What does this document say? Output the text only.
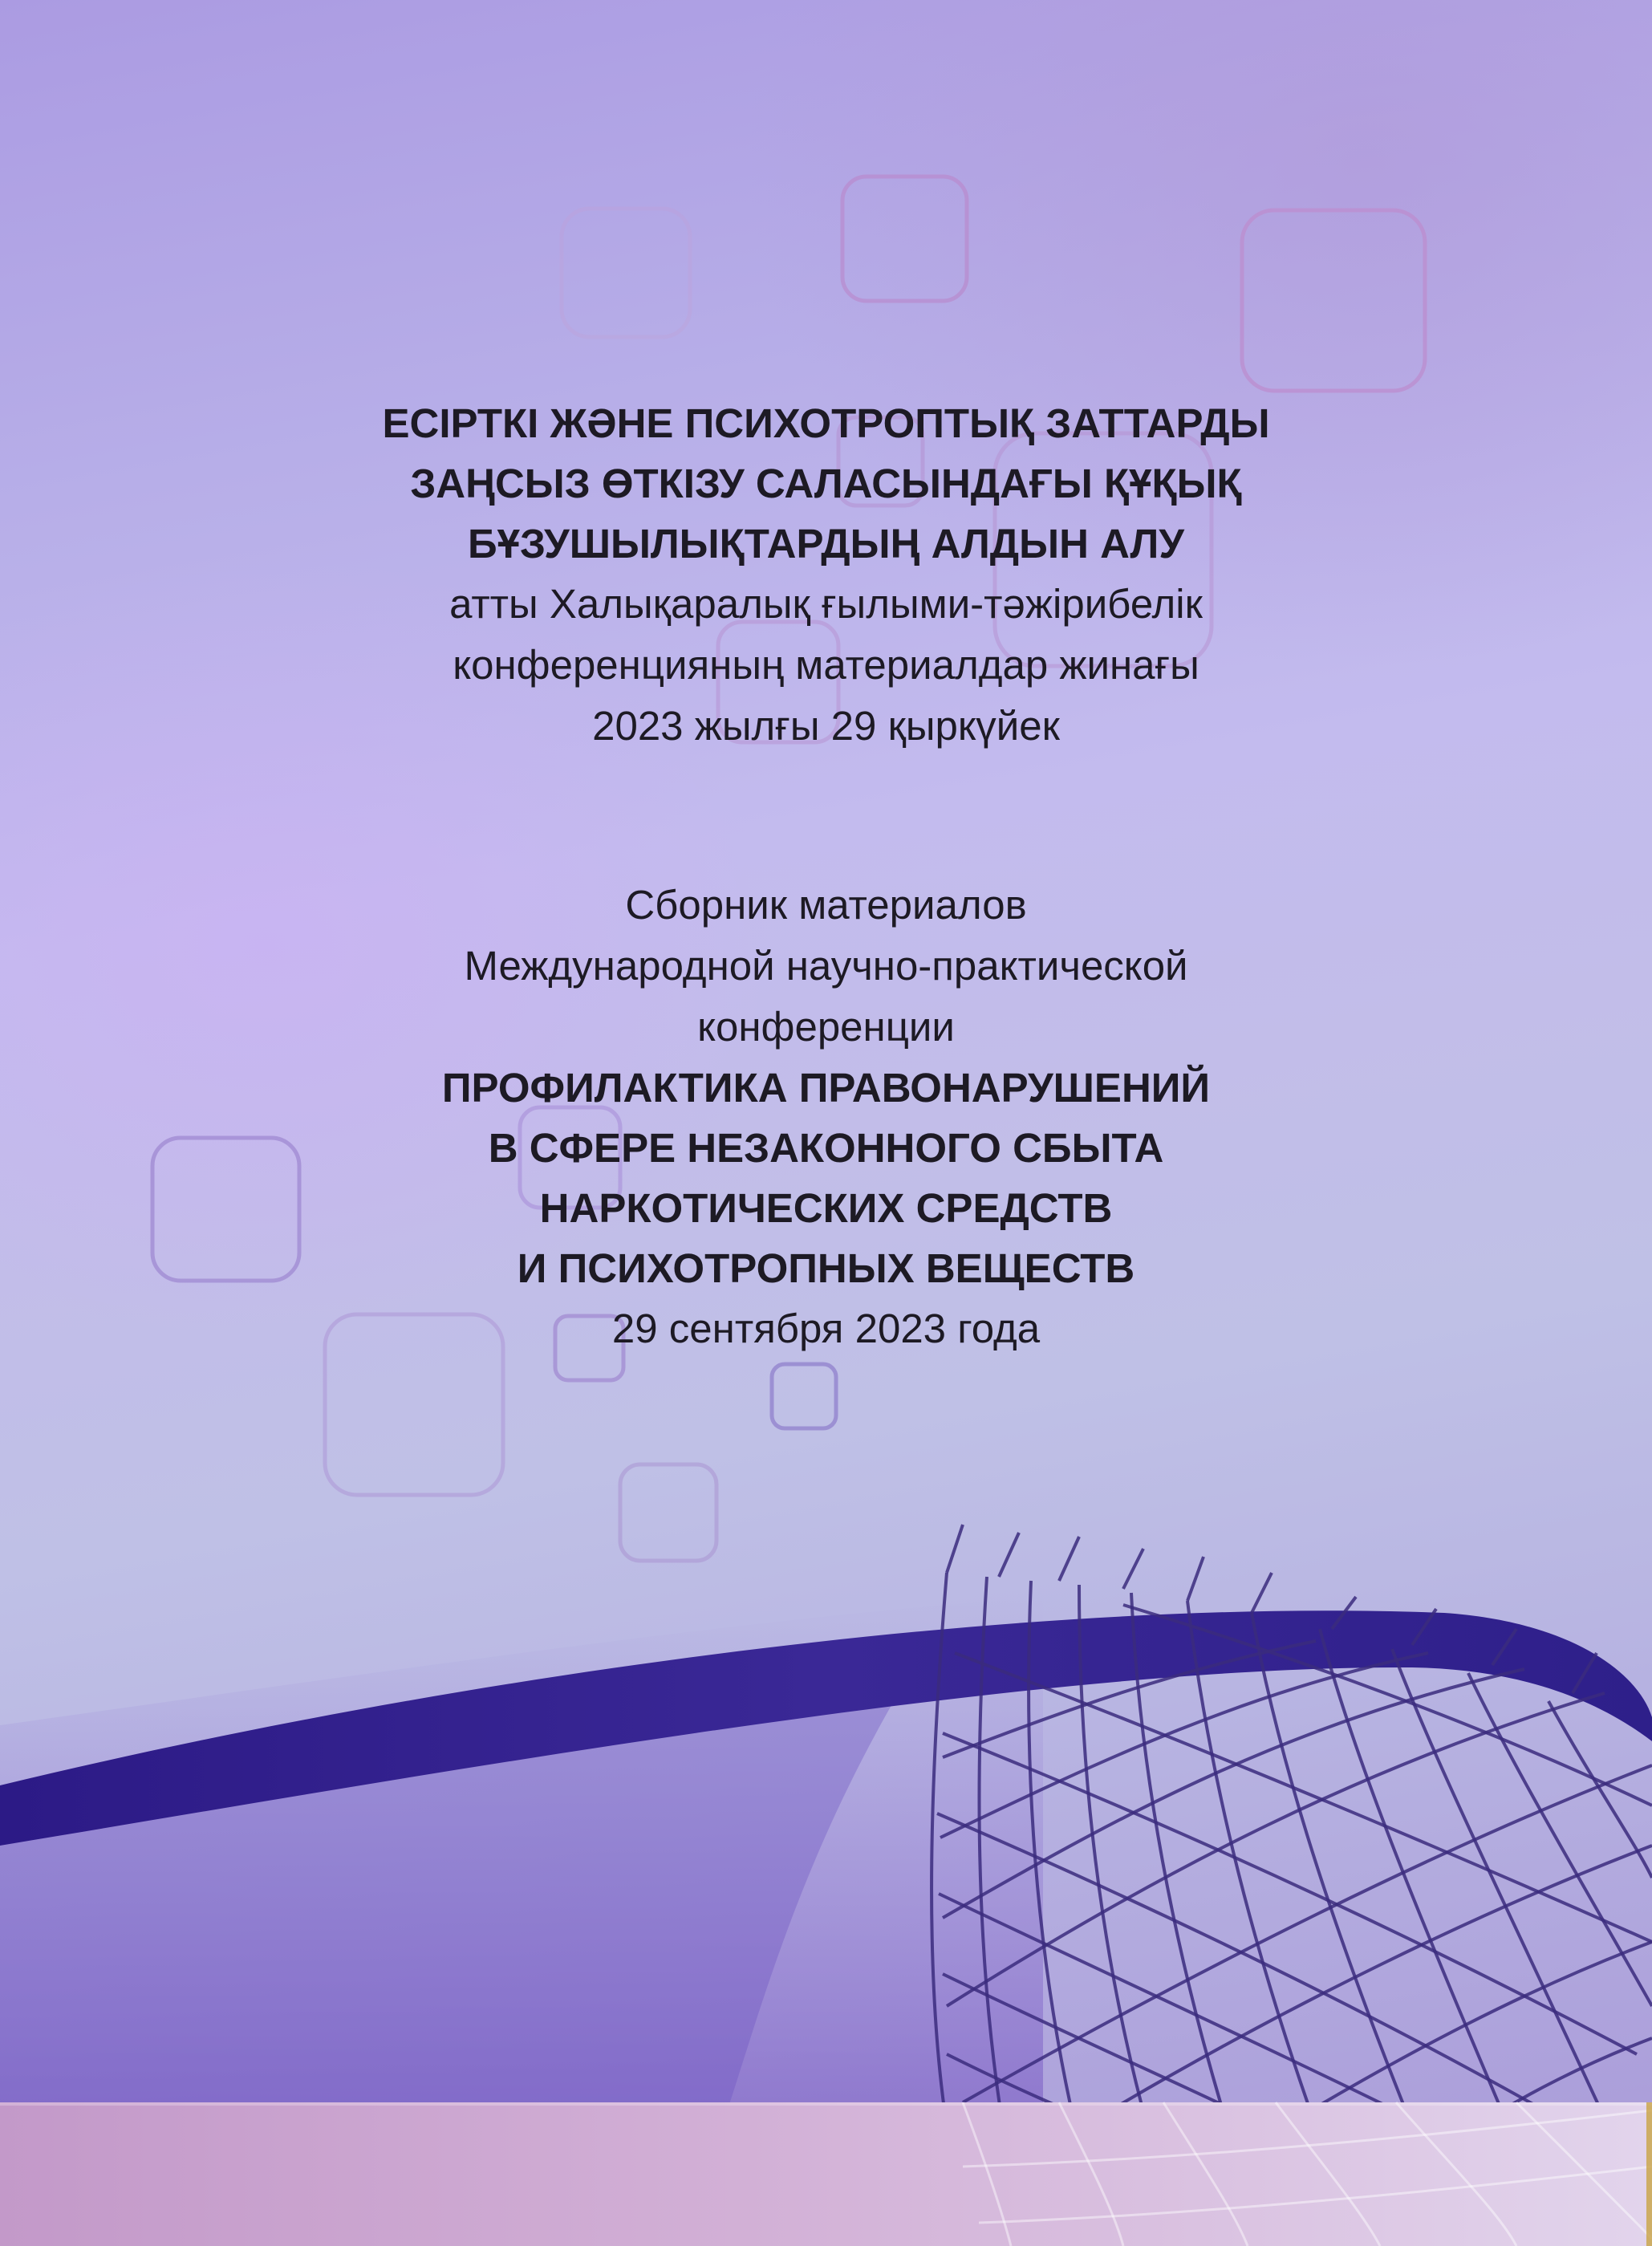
ЕСІРТКІ ЖӘНЕ ПСИХОТРОПТЫҚ ЗАТТАРДЫ
ЗАҢСЫЗ ӨТКІЗУ САЛАСЫНДАҒЫ ҚҰҚЫҚ
БҰЗУШЫЛЫҚТАРДЫҢ АЛДЫН АЛУ
атты Халықаралық ғылыми-тәжірибелік
конференцияның материалдар жинағы
2023 жылғы 29 қыркүйек
Сборник материалов
Международной научно-практической
конференции
ПРОФИЛАКТИКА ПРАВОНАРУШЕНИЙ
В СФЕРЕ НЕЗАКОННОГО СБЫТА
НАРКОТИЧЕСКИХ СРЕДСТВ
И ПСИХОТРОПНЫХ ВЕЩЕСТВ
29 сентября 2023 года
